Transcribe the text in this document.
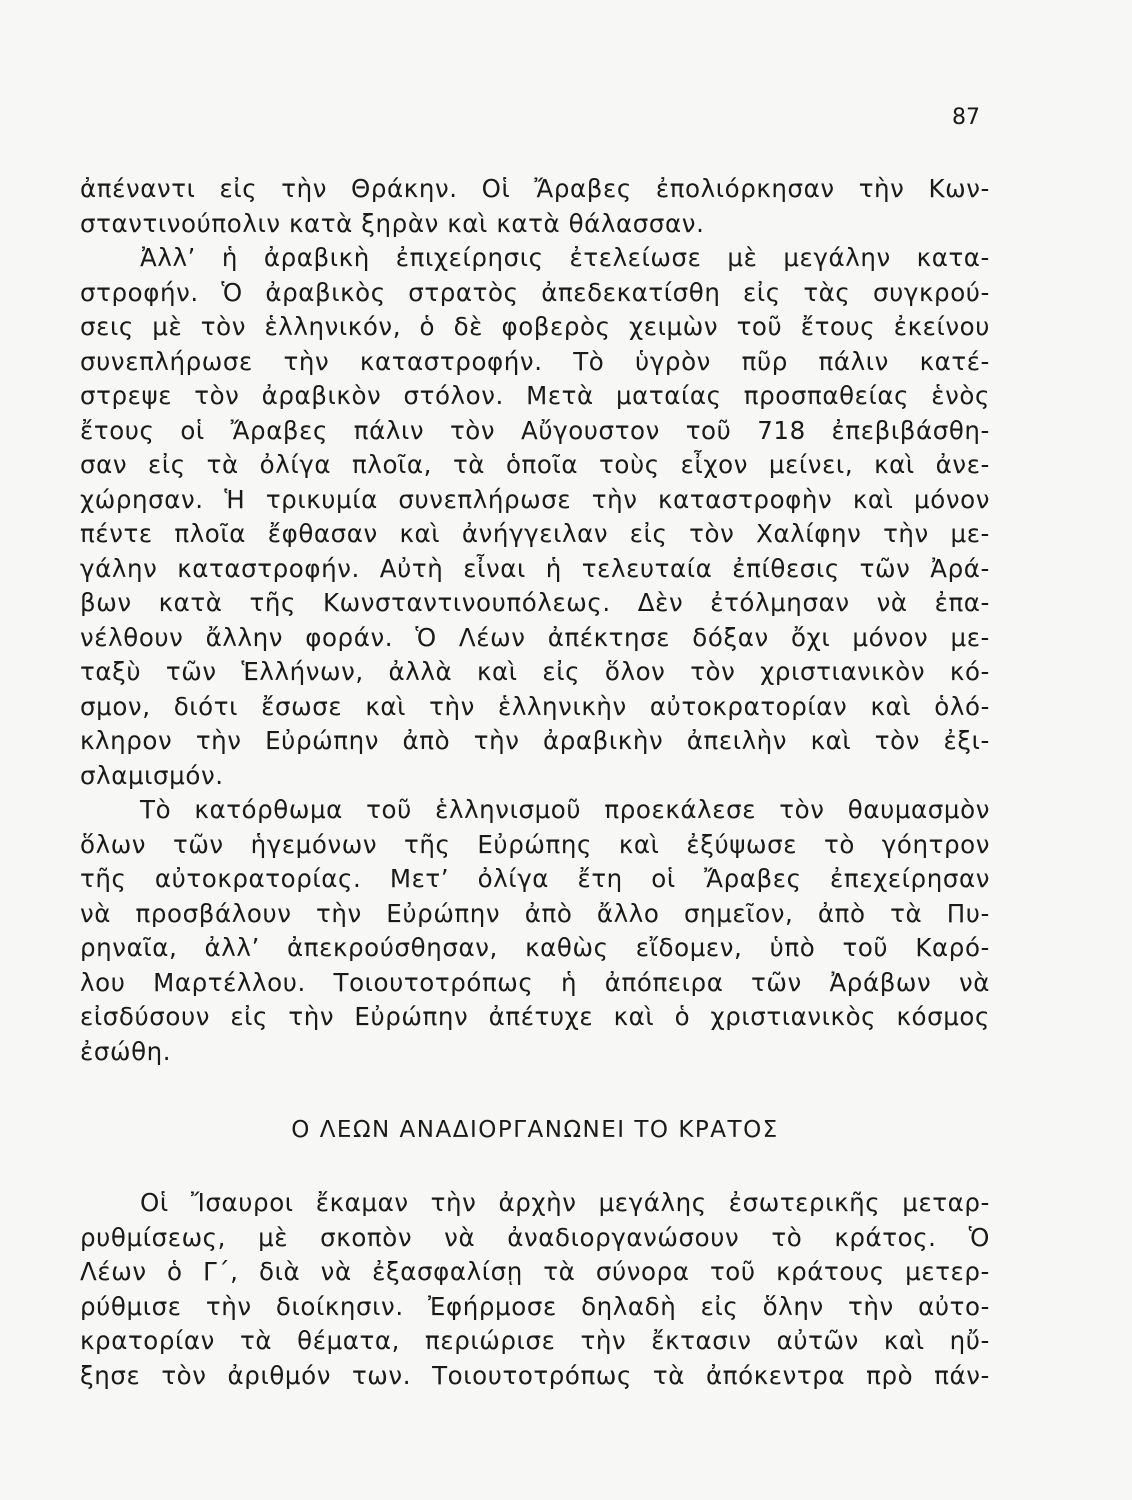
87
ἀπέναντι εἰς τὴν Θράκην. Οἱ Ἄραβες ἐπολιόρκησαν τὴν Κων-
σταντινούπολιν κατὰ ξηρὰν καὶ κατὰ θάλασσαν.
Ἀλλ’ ἡ ἀραβικὴ ἐπιχείρησις ἐτελείωσε μὲ μεγάλην κατα-
στροφήν. Ὁ ἀραβικὸς στρατὸς ἀπεδεκατίσθη εἰς τὰς συγκρού-
σεις μὲ τὸν ἑλληνικόν, ὁ δὲ φοβερὸς χειμὼν τοῦ ἔτους ἐκείνου
συνεπλήρωσε τὴν καταστροφήν. Τὸ ὑγρὸν πῦρ πάλιν κατέ-
στρεψε τὸν ἀραβικὸν στόλον. Μετὰ ματαίας προσπαθείας ἑνὸς
ἔτους οἱ Ἄραβες πάλιν τὸν Αὔγουστον τοῦ 718 ἐπεβιβάσθη-
σαν εἰς τὰ ὀλίγα πλοῖα, τὰ ὁποῖα τοὺς εἶχον μείνει, καὶ ἀνε-
χώρησαν. Ἡ τρικυμία συνεπλήρωσε τὴν καταστροφὴν καὶ μόνον
πέντε πλοῖα ἔφθασαν καὶ ἀνήγγειλαν εἰς τὸν Χαλίφην τὴν με-
γάλην καταστροφήν. Αὐτὴ εἶναι ἡ τελευταία ἐπίθεσις τῶν Ἀρά-
βων κατὰ τῆς Κωνσταντινουπόλεως. Δὲν ἐτόλμησαν νὰ ἐπα-
νέλθουν ἄλλην φοράν. Ὁ Λέων ἀπέκτησε δόξαν ὄχι μόνον με-
ταξὺ τῶν Ἑλλήνων, ἀλλὰ καὶ εἰς ὅλον τὸν χριστιανικὸν κό-
σμον, διότι ἔσωσε καὶ τὴν ἑλληνικὴν αὐτοκρατορίαν καὶ ὁλό-
κληρον τὴν Εὐρώπην ἀπὸ τὴν ἀραβικὴν ἀπειλὴν καὶ τὸν ἐξι-
σλαμισμόν.
Τὸ κατόρθωμα τοῦ ἑλληνισμοῦ προεκάλεσε τὸν θαυμασμὸν
ὅλων τῶν ἡγεμόνων τῆς Εὐρώπης καὶ ἐξύψωσε τὸ γόητρον
τῆς αὐτοκρατορίας. Μετ’ ὀλίγα ἔτη οἱ Ἄραβες ἐπεχείρησαν
νὰ προσβάλουν τὴν Εὐρώπην ἀπὸ ἄλλο σημεῖον, ἀπὸ τὰ Πυ-
ρηναῖα, ἀλλ’ ἀπεκρούσθησαν, καθὼς εἴδομεν, ὑπὸ τοῦ Καρό-
λου Μαρτέλλου. Τοιουτοτρόπως ἡ ἀπόπειρα τῶν Ἀράβων νὰ
εἰσδύσουν εἰς τὴν Εὐρώπην ἀπέτυχε καὶ ὁ χριστιανικὸς κόσμος
ἐσώθη.
Ο ΛΕΩΝ ΑΝΑΔΙΟΡΓΑΝΩΝΕΙ ΤΟ ΚΡΑΤΟΣ
Οἱ Ἴσαυροι ἔκαμαν τὴν ἀρχὴν μεγάλης ἐσωτερικῆς μεταρ-
ρυθμίσεως, μὲ σκοπὸν νὰ ἀναδιοργανώσουν τὸ κράτος. Ὁ
Λέων ὁ Γ΄, διὰ νὰ ἐξασφαλίσῃ τὰ σύνορα τοῦ κράτους μετερ-
ρύθμισε τὴν διοίκησιν. Ἐφήρμοσε δηλαδὴ εἰς ὅλην τὴν αὐτο-
κρατορίαν τὰ θέματα, περιώρισε τὴν ἔκτασιν αὐτῶν καὶ ηὔ-
ξησε τὸν ἀριθμόν των. Τοιουτοτρόπως τὰ ἀπόκεντρα πρὸ πάν-
